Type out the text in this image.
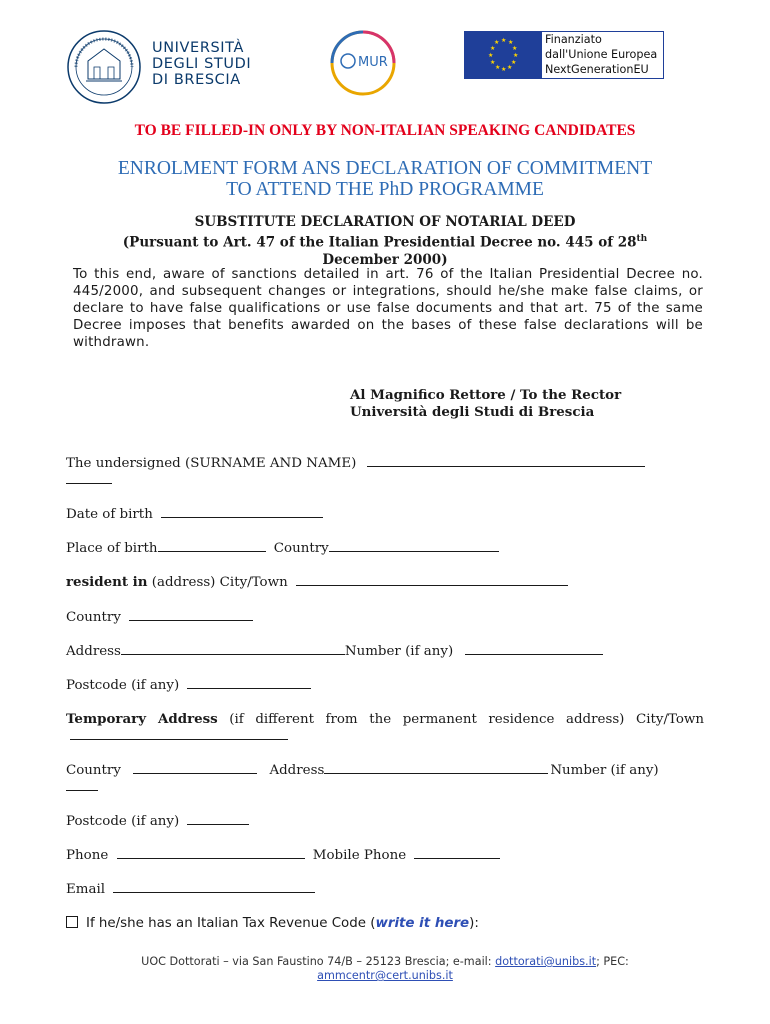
UNIVERSITÀ
DEGLI STUDI
DI BRESCIA
MUR
★ ★
★
★
★
★
★
★
★
★
★
★	Finanziato
dall'Unione Europea
NextGenerationEU
TO BE FILLED-IN ONLY BY NON-ITALIAN SPEAKING CANDIDATES
ENROLMENT FORM ANS DECLARATION OF COMMITMENT
TO ATTEND THE PhD PROGRAMME
SUBSTITUTE DECLARATION OF NOTARIAL DEED
(Pursuant to Art. 47 of the Italian Presidential Decree no. 445 of 28th
December 2000)
To this end, aware of sanctions detailed in art. 76 of the Italian Presidential Decree no. 445/2000, and subsequent changes or integrations, should he/she make false claims, or declare to have false qualifications or use false documents and that art. 75 of the same Decree imposes that benefits awarded on the bases of these false declarations will be withdrawn.
Al Magnifico Rettore / To the Rector
Università degli Studi di Brescia
The undersigned (SURNAME AND NAME)

Date of birth
Place of birth	Country
resident in (address) City/Town
Country
Address	Number (if any)
Postcode (if any)
Temporary Address (if different from the permanent residence address) City/Town
Country	Address	Number (if any)

Postcode (if any)
Phone	Mobile Phone
Email
If he/she has an Italian Tax Revenue Code (write it here):
UOC Dottorati – via San Faustino 74/B – 25123 Brescia; e-mail: dottorati@unibs.it; PEC:
ammcentr@cert.unibs.it
